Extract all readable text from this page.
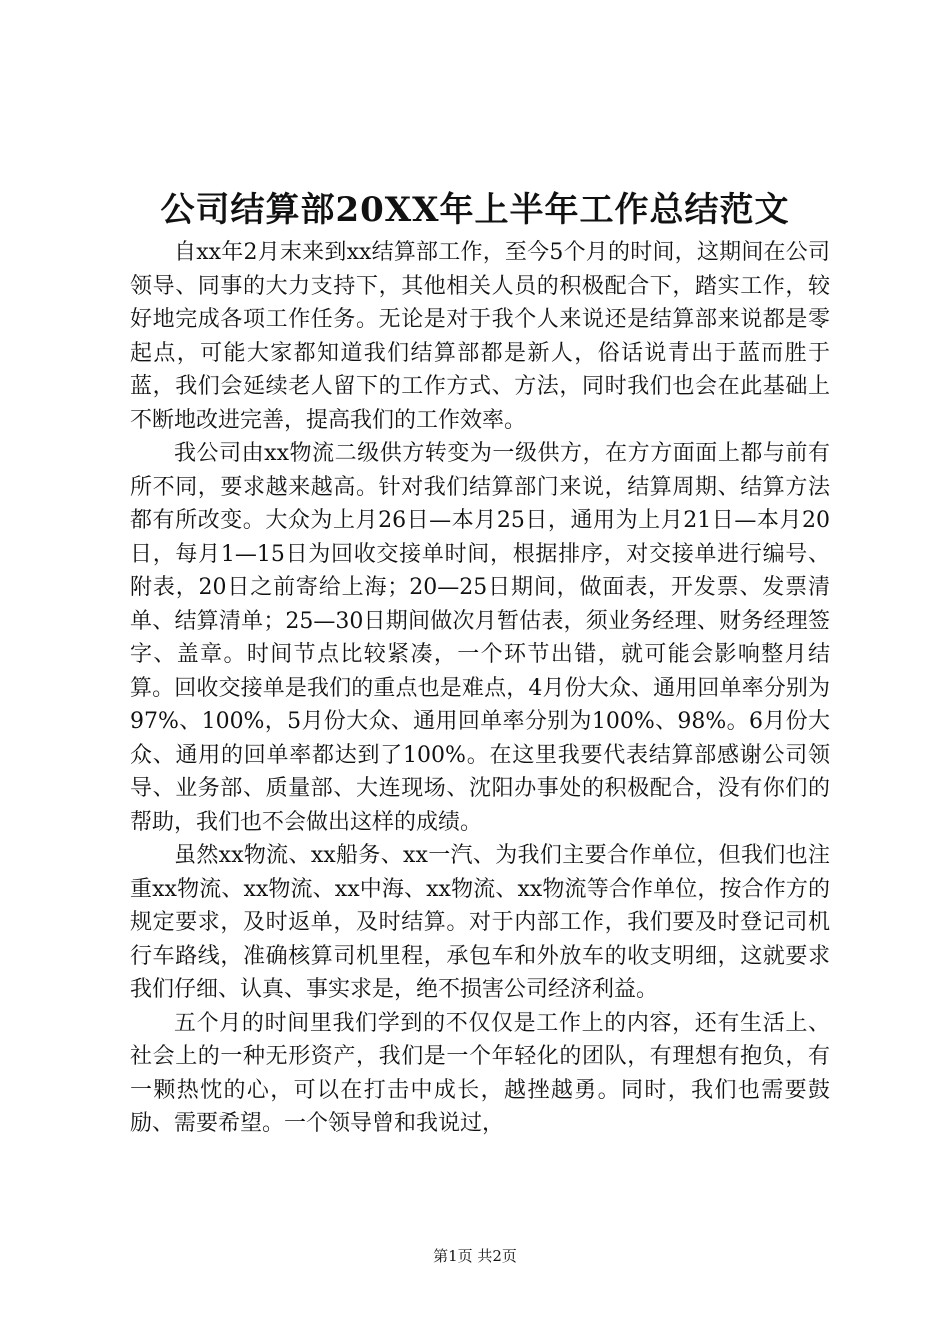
公司结算部20XX年上半年工作总结范文

自xx年2月末来到xx结算部工作，至今5个月的时间，这期间在公司领导、同事的大力支持下，其他相关人员的积极配合下，踏实工作，较好地完成各项工作任务。无论是对于我个人来说还是结算部来说都是零起点，可能大家都知道我们结算部都是新人，俗话说青出于蓝而胜于蓝，我们会延续老人留下的工作方式、方法，同时我们也会在此基础上不断地改进完善，提高我们的工作效率。

我公司由xx物流二级供方转变为一级供方，在方方面面上都与前有所不同，要求越来越高。针对我们结算部门来说，结算周期、结算方法都有所改变。大众为上月26日—本月25日，通用为上月21日—本月20日，每月1—15日为回收交接单时间，根据排序，对交接单进行编号、附表，20日之前寄给上海；20—25日期间，做面表，开发票、发票清单、结算清单；25—30日期间做次月暂估表，须业务经理、财务经理签字、盖章。时间节点比较紧凑，一个环节出错，就可能会影响整月结算。回收交接单是我们的重点也是难点，4月份大众、通用回单率分别为97%、100%，5月份大众、通用回单率分别为100%、98%。6月份大众、通用的回单率都达到了100%。在这里我要代表结算部感谢公司领导、业务部、质量部、大连现场、沈阳办事处的积极配合，没有你们的帮助，我们也不会做出这样的成绩。

虽然xx物流、xx船务、xx一汽、为我们主要合作单位，但我们也注重xx物流、xx物流、xx中海、xx物流、xx物流等合作单位，按合作方的规定要求，及时返单，及时结算。对于内部工作，我们要及时登记司机行车路线，准确核算司机里程，承包车和外放车的收支明细，这就要求我们仔细、认真、事实求是，绝不损害公司经济利益。

五个月的时间里我们学到的不仅仅是工作上的内容，还有生活上、社会上的一种无形资产，我们是一个年轻化的团队，有理想有抱负，有一颗热忱的心，可以在打击中成长，越挫越勇。同时，我们也需要鼓励、需要希望。一个领导曾和我说过，

第1页 共2页
